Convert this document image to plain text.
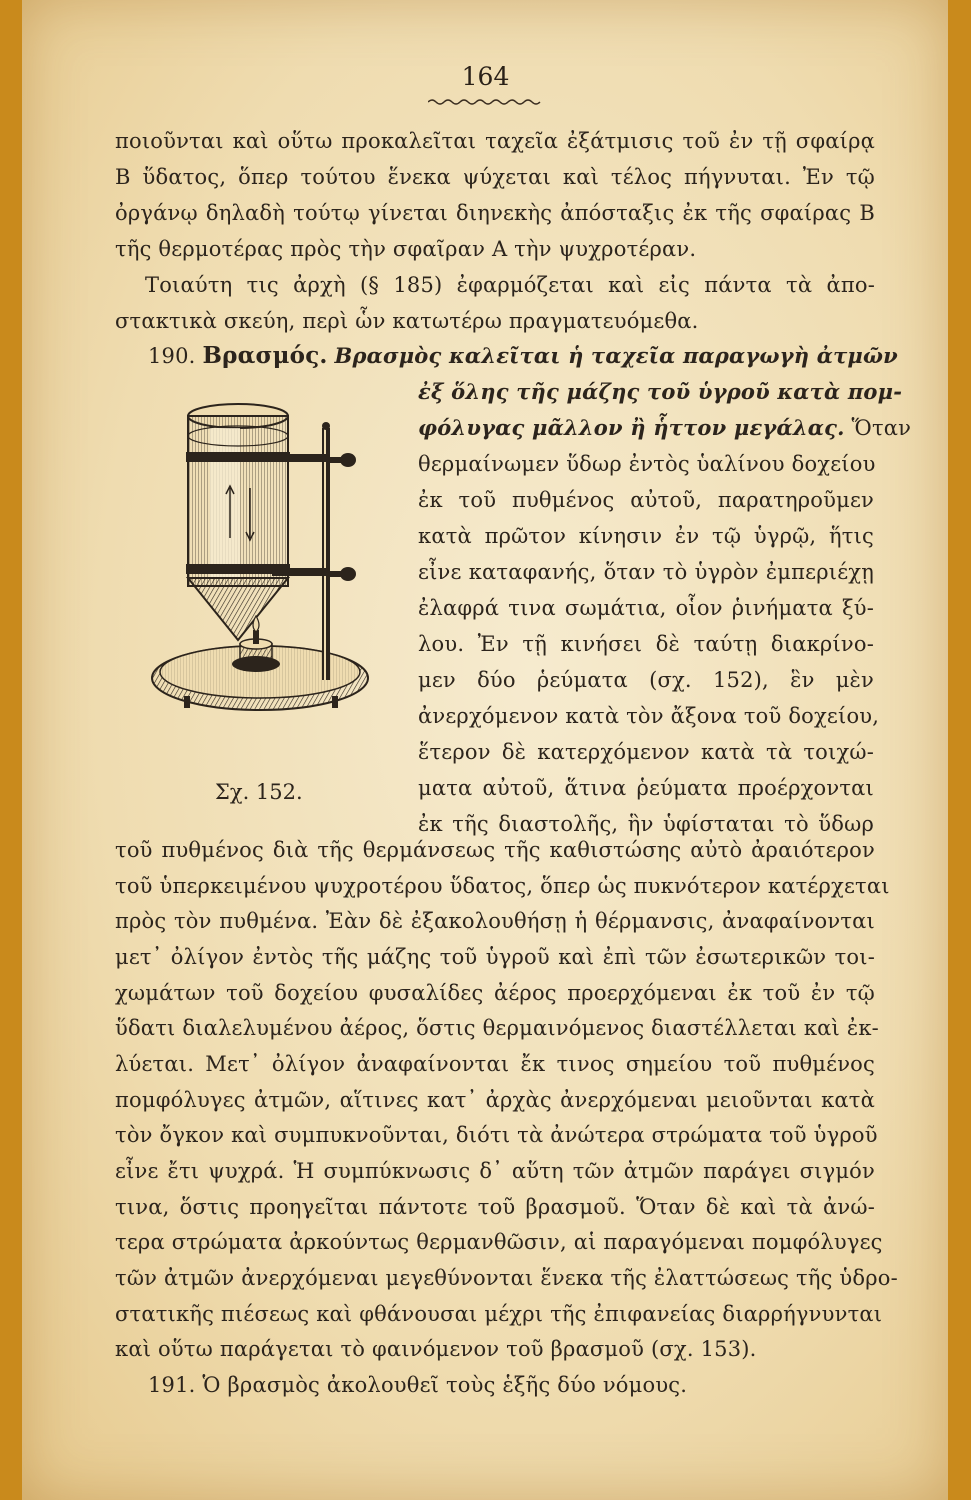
164
ποιοῦνται καὶ οὕτω προκαλεῖται ταχεῖα ἐξάτμισις τοῦ ἐν τῇ σφαίρᾳ
Β ὕδατος, ὅπερ τούτου ἕνεκα ψύχεται καὶ τέλος πήγνυται. Ἐν τῷ
ὀργάνῳ δηλαδὴ τούτῳ γίνεται διηνεκὴς ἀπόσταξις ἐκ τῆς σφαίρας Β
τῆς θερμοτέρας πρὸς τὴν σφαῖραν Α τὴν ψυχροτέραν.
Τοιαύτη τις ἀρχὴ (§ 185) ἐφαρμόζεται καὶ εἰς πάντα τὰ ἀπο-
στακτικὰ σκεύη, περὶ ὧν κατωτέρω πραγματευόμεθα.
190. Βρασμός. Βρασμὸς καλεῖται ἡ ταχεῖα παραγωγὴ ἀτμῶν
ἐξ ὅλης τῆς μάζης τοῦ ὑγροῦ κατὰ πομ-
φόλυγας μᾶλλον ἢ ἧττον μεγάλας. Ὅταν
θερμαίνωμεν ὕδωρ ἐντὸς ὑαλίνου δοχείου
ἐκ τοῦ πυθμένος αὐτοῦ, παρατηροῦμεν
κατὰ πρῶτον κίνησιν ἐν τῷ ὑγρῷ, ἥτις
εἶνε καταφανής, ὅταν τὸ ὑγρὸν ἐμπεριέχῃ
ἐλαφρά τινα σωμάτια, οἷον ῥινήματα ξύ-
λου. Ἐν τῇ κινήσει δὲ ταύτῃ διακρίνο-
μεν δύο ῥεύματα (σχ. 152), ἓν μὲν
ἀνερχόμενον κατὰ τὸν ἄξονα τοῦ δοχείου,
ἕτερον δὲ κατερχόμενον κατὰ τὰ τοιχώ-
ματα αὐτοῦ, ἅτινα ῥεύματα προέρχονται
ἐκ τῆς διαστολῆς, ἣν ὑφίσταται τὸ ὕδωρ
Σχ. 152.
τοῦ πυθμένος διὰ τῆς θερμάνσεως τῆς καθιστώσης αὐτὸ ἀραιότερον
τοῦ ὑπερκειμένου ψυχροτέρου ὕδατος, ὅπερ ὡς πυκνότερον κατέρχεται
πρὸς τὸν πυθμένα. Ἐὰν δὲ ἐξακολουθήσῃ ἡ θέρμανσις, ἀναφαίνονται
μετ᾽ ὀλίγον ἐντὸς τῆς μάζης τοῦ ὑγροῦ καὶ ἐπὶ τῶν ἐσωτερικῶν τοι-
χωμάτων τοῦ δοχείου φυσαλίδες ἀέρος προερχόμεναι ἐκ τοῦ ἐν τῷ
ὕδατι διαλελυμένου ἀέρος, ὅστις θερμαινόμενος διαστέλλεται καὶ ἐκ-
λύεται. Μετ᾽ ὀλίγον ἀναφαίνονται ἔκ τινος σημείου τοῦ πυθμένος
πομφόλυγες ἀτμῶν, αἵτινες κατ᾽ ἀρχὰς ἀνερχόμεναι μειοῦνται κατὰ
τὸν ὄγκον καὶ συμπυκνοῦνται, διότι τὰ ἀνώτερα στρώματα τοῦ ὑγροῦ
εἶνε ἔτι ψυχρά. Ἡ συμπύκνωσις δ᾽ αὕτη τῶν ἀτμῶν παράγει σιγμόν
τινα, ὅστις προηγεῖται πάντοτε τοῦ βρασμοῦ. Ὅταν δὲ καὶ τὰ ἀνώ-
τερα στρώματα ἀρκούντως θερμανθῶσιν, αἱ παραγόμεναι πομφόλυγες
τῶν ἀτμῶν ἀνερχόμεναι μεγεθύνονται ἕνεκα τῆς ἐλαττώσεως τῆς ὑδρο-
στατικῆς πιέσεως καὶ φθάνουσαι μέχρι τῆς ἐπιφανείας διαρρήγνυνται
καὶ οὕτω παράγεται τὸ φαινόμενον τοῦ βρασμοῦ (σχ. 153).
191. Ὁ βρασμὸς ἀκολουθεῖ τοὺς ἑξῆς δύο νόμους.
